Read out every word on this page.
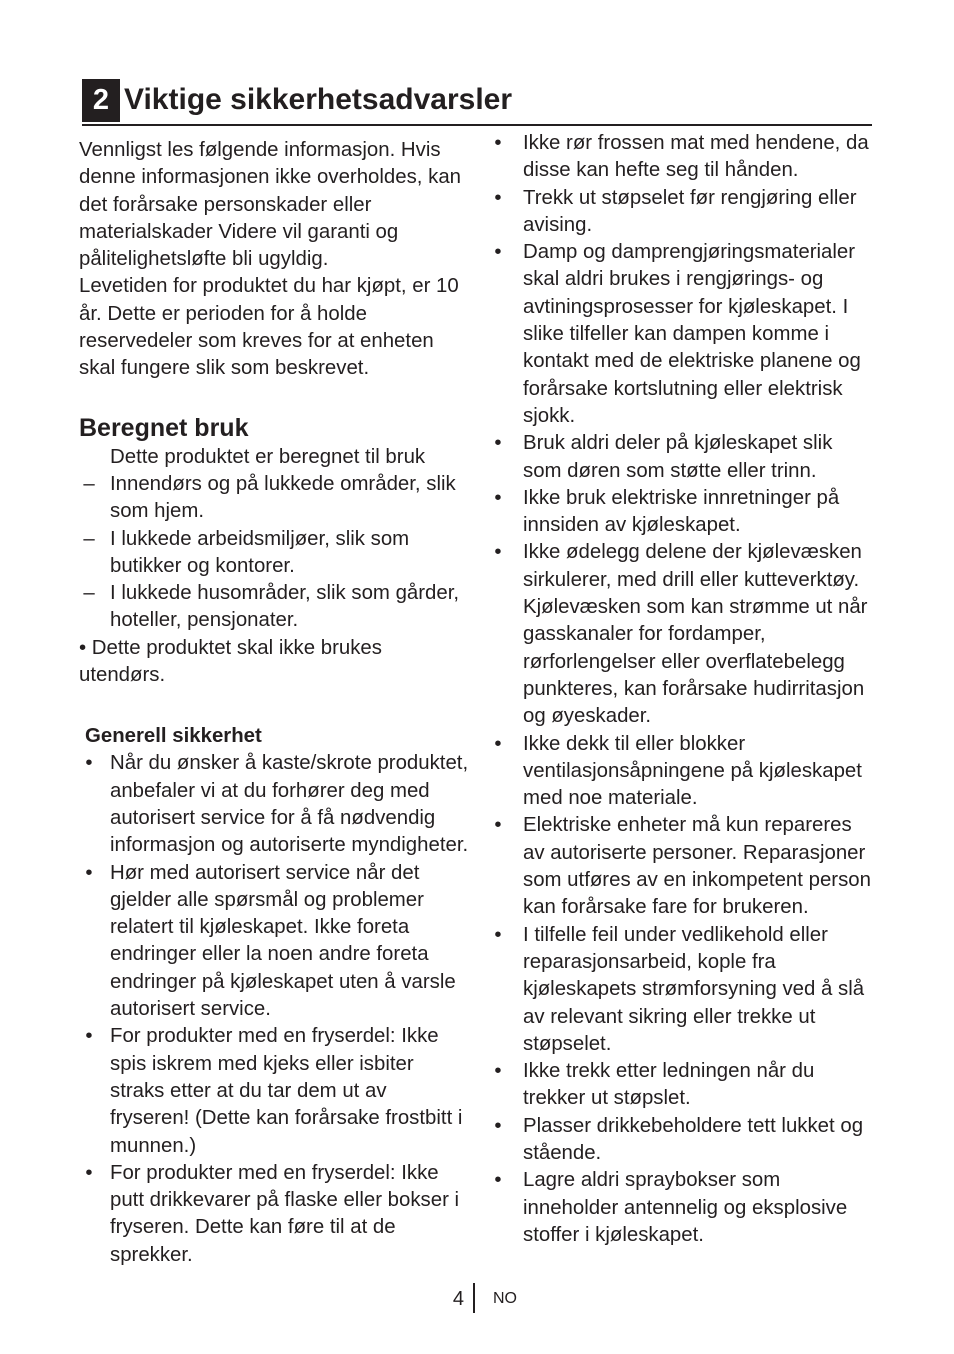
2 Viktige sikkerhetsadvarsler

Vennligst les følgende informasjon. Hvis denne informasjonen ikke overholdes, kan det forårsake personskader eller materialskader Videre vil garanti og pålitelighetsløfte bli ugyldig.

Levetiden for produktet du har kjøpt, er 10 år. Dette er perioden for å holde reservedeler som kreves for at enheten skal fungere slik som beskrevet.

Beregnet bruk

Dette produktet er beregnet til bruk

– Innendørs og på lukkede områder, slik som hjem.
– I lukkede arbeidsmiljøer, slik som butikker og kontorer.
– I lukkede husområder, slik som gårder, hoteller, pensjonater.

• Dette produktet skal ikke brukes utendørs.

Generell sikkerhet
• Når du ønsker å kaste/skrote produktet, anbefaler vi at du forhører deg med autorisert service for å få nødvendig informasjon og autoriserte myndigheter.
• Hør med autorisert service når det gjelder alle spørsmål og problemer relatert til kjøleskapet. Ikke foreta endringer eller la noen andre foreta endringer på kjøleskapet uten å varsle autorisert service.
• For produkter med en fryserdel: Ikke spis iskrem med kjeks eller isbiter straks etter at du tar dem ut av fryseren! (Dette kan forårsake frostbitt i munnen.)
• For produkter med en fryserdel: Ikke putt drikkevarer på flaske eller bokser i fryseren. Dette kan føre til at de sprekker.
•	Ikke rør frossen mat med hendene, da disse kan hefte seg til hånden.
•	Trekk ut støpselet før rengjøring eller avising.
•	Damp og damprengjøringsmaterialer skal aldri brukes i rengjørings- og avtiningsprosesser for kjøleskapet. I slike tilfeller kan dampen komme i kontakt med de elektriske planene og forårsake kortslutning eller elektrisk sjokk.
•	Bruk aldri deler på kjøleskapet slik som døren som støtte eller trinn.
•	Ikke bruk elektriske innretninger på innsiden av kjøleskapet.
•	Ikke ødelegg delene der kjølevæsken sirkulerer, med drill eller kutteverktøy. Kjølevæsken som kan strømme ut når gasskanaler for fordamper, rørforlengelser eller overflatebelegg punkteres, kan forårsake hudirritasjon og øyeskader.
•	Ikke dekk til eller blokker ventilasjonsåpningene på kjøleskapet med noe materiale.
•	Elektriske enheter må kun repareres av autoriserte personer. Reparasjoner som utføres av en inkompetent person kan forårsake fare for brukeren.
•	I tilfelle feil under vedlikehold eller reparasjonsarbeid, kople fra kjøleskapets strømforsyning ved å slå av relevant sikring eller trekke ut støpselet.
•	Ikke trekk etter ledningen når du trekker ut støpslet.
•	Plasser drikkebeholdere tett lukket og stående.
•	Lagre aldri spraybokser som inneholder antennelig og eksplosive stoffer i kjøleskapet.
4 NO
